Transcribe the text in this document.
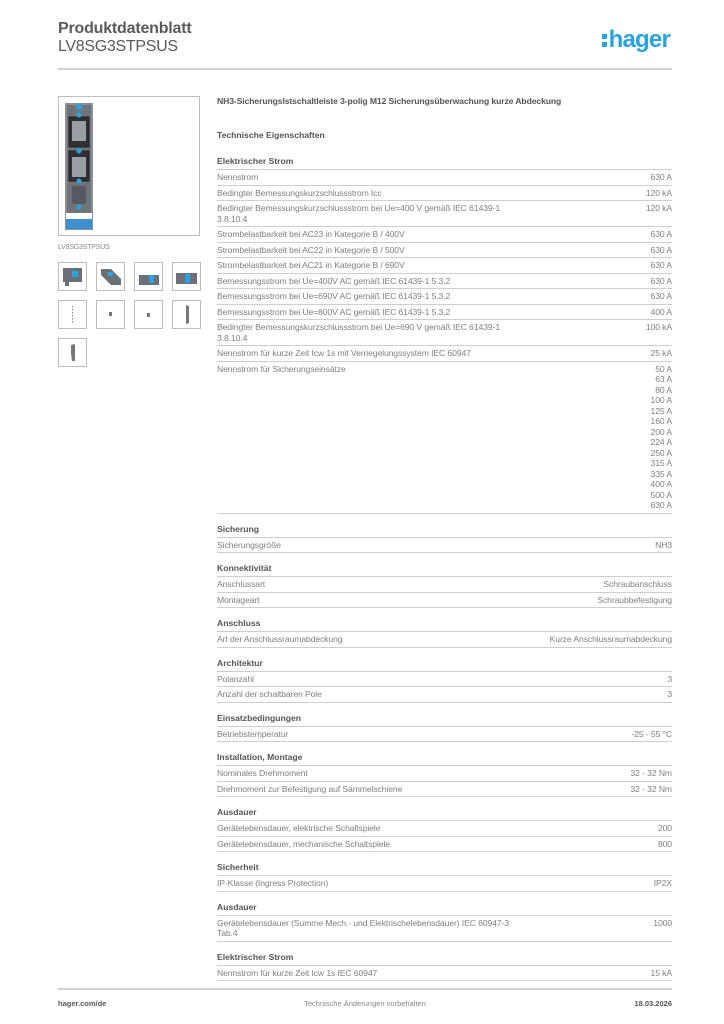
Produktdatenblatt
LV8SG3STPSUS	hager
LV8SG3STPSUS
NH3-Sicherungslstschaltleiste 3-polig M12 Sicherungsüberwachung kurze Abdeckung
Technische Eigenschaften
Elektrischer Strom
Nennstrom	630 A
Bedingter Bemessungskurzschlussstrom Icc	120 kA
Bedingter Bemessungskurzschlussstrom bei Ue=400 V gemäß IEC 61439-1 3.8.10.4
120 kA
Strombelastbarkeit bei AC23 in Kategorie B / 400V	630 A
Strombelastbarkeit bei AC22 in Kategorie B / 500V	630 A
Strombelastbarkeit bei AC21 in Kategorie B / 690V	630 A
Bemessungsstrom bei Ue=400V AC gemäß IEC 61439-1 5.3.2	630 A
Bemessungsstrom bei Ue=690V AC gemäß IEC 61439-1 5.3.2	630 A
Bemessungsstrom bei Ue=800V AC gemäß IEC 61439-1 5.3.2	400 A
Bedingter Bemessungskurzschlussstrom bei Ue=690 V gemäß IEC 61439-1 3.8.10.4
100 kA
Nennstrom für kurze Zeit Icw 1s mit Verriegelungssystem IEC 60947	25 kA
Nennstrom für Sicherungseinsätze	50 A
63 A
80 A
100 A
125 A
160 A
200 A
224 A
250 A
315 A
335 A
400 A
500 A
630 A
Sicherung
Sicherungsgröße	NH3
Konnektivität
Anschlussart	Schraubanschluss
Montageart	Schraubbefestigung
Anschluss
Art der Anschlussraumabdeckung	Kurze Anschlussraumabdeckung
Architektur
Polanzahl	3
Anzahl der schaltbaren Pole	3
Einsatzbedingungen
Betriebstemperatur	-25 - 55 °C
Installation, Montage
Nominales Drehmoment	32 - 32 Nm
Drehmoment zur Befestigung auf Sammelschiene	32 - 32 Nm
Ausdauer
Gerätelebensdauer, elektrische Schaltspiele	200
Gerätelebensdauer, mechanische Schaltspiele	800
Sicherheit
IP-Klasse (Ingress Protection)	IP2X
Ausdauer
Gerätelebensdauer (Summe Mech.- und Elektrischelebensdauer) IEC 60947-3 Tab.4
1000
Elektrischer Strom
Nennstrom für kurze Zeit Icw 1s IEC 60947	15 kA
Technische Änderungen vorbehalten
hager.com/de	18.03.2026
